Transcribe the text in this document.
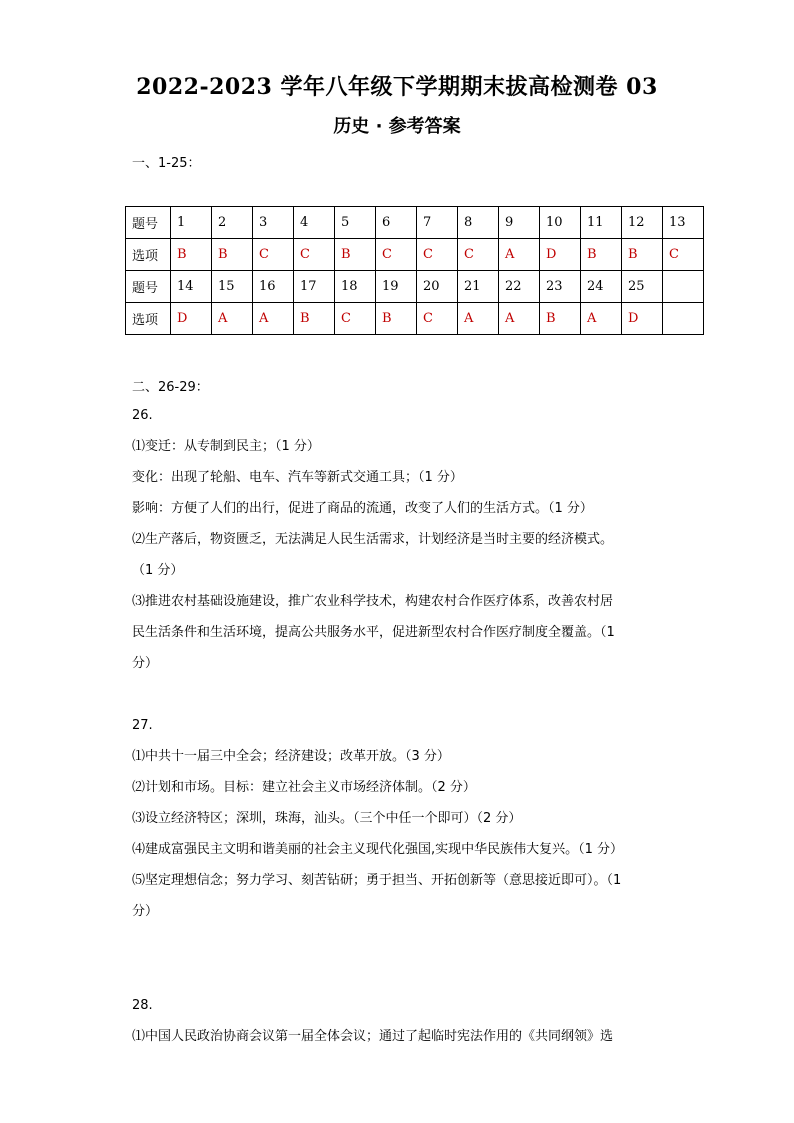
2022-2023 学年八年级下学期期末拔高检测卷 03
历史 · 参考答案
一、1-25：
题号	1	2	3	4	5	6	7	8	9	10	11	12	13
选项	B	B	C	C	B	C	C	C	A	D	B	B	C
题号	14	15	16	17	18	19	20	21	22	23	24	25	
选项	D	A	A	B	C	B	C	A	A	B	A	D	
二、26-29：
26.
⑴变迁：从专制到民主；（1 分）
变化：出现了轮船、电车、汽车等新式交通工具；（1 分）
影响：方便了人们的出行，促进了商品的流通，改变了人们的生活方式。（1 分）
⑵生产落后，物资匮乏，无法满足人民生活需求，计划经济是当时主要的经济模式。
（1 分）
⑶推进农村基础设施建设，推广农业科学技术，构建农村合作医疗体系，改善农村居
民生活条件和生活环境，提高公共服务水平，促进新型农村合作医疗制度全覆盖。（1
分）
27.
⑴中共十一届三中全会；经济建设；改革开放。（3 分）
⑵计划和市场。目标：建立社会主义市场经济体制。（2 分）
⑶设立经济特区；深圳，珠海，汕头。（三个中任一个即可）（2 分）
⑷建成富强民主文明和谐美丽的社会主义现代化强国,实现中华民族伟大复兴。（1 分）
⑸坚定理想信念；努力学习、刻苦钻研；勇于担当、开拓创新等（意思接近即可）。（1
分）
28.
⑴中国人民政治协商会议第一届全体会议；通过了起临时宪法作用的《共同纲领》选
